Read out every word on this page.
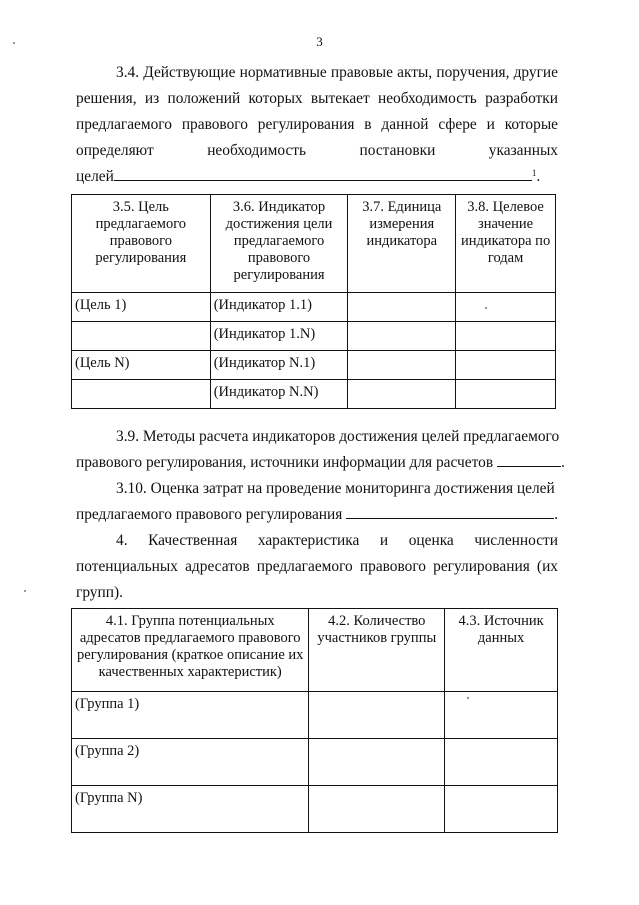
3
3.4. Действующие нормативные правовые акты, поручения, другие
решения, из положений которых вытекает необходимость разработки
предлагаемого правового регулирования в данной сфере и которые
определяют необходимость постановки указанных
целей	$^1$.
3.5. Цель предлагаемого правового регулирования	3.6. Индикатор достижения цели предлагаемого правового регулирования	3.7. Единица измерения индикатора	3.8. Целевое значение индикатора по годам
(Цель 1)	(Индикатор 1.1)		
	(Индикатор 1.N)		
(Цель N)	(Индикатор N.1)		
	(Индикатор N.N)		
3.9. Методы расчета индикаторов достижения целей предлагаемого
правового регулирования, источники информации для расчетов	.
3.10. Оценка затрат на проведение мониторинга достижения целей
предлагаемого правового регулирования	.
4. Качественная характеристика и оценка численности
потенциальных адресатов предлагаемого правового регулирования (их
групп).
4.1. Группа потенциальных адресатов предлагаемого правового регулирования (краткое описание их качественных характеристик)	4.2. Количество участников группы	4.3. Источник данных
(Группа 1)		
(Группа 2)		
(Группа N)		
